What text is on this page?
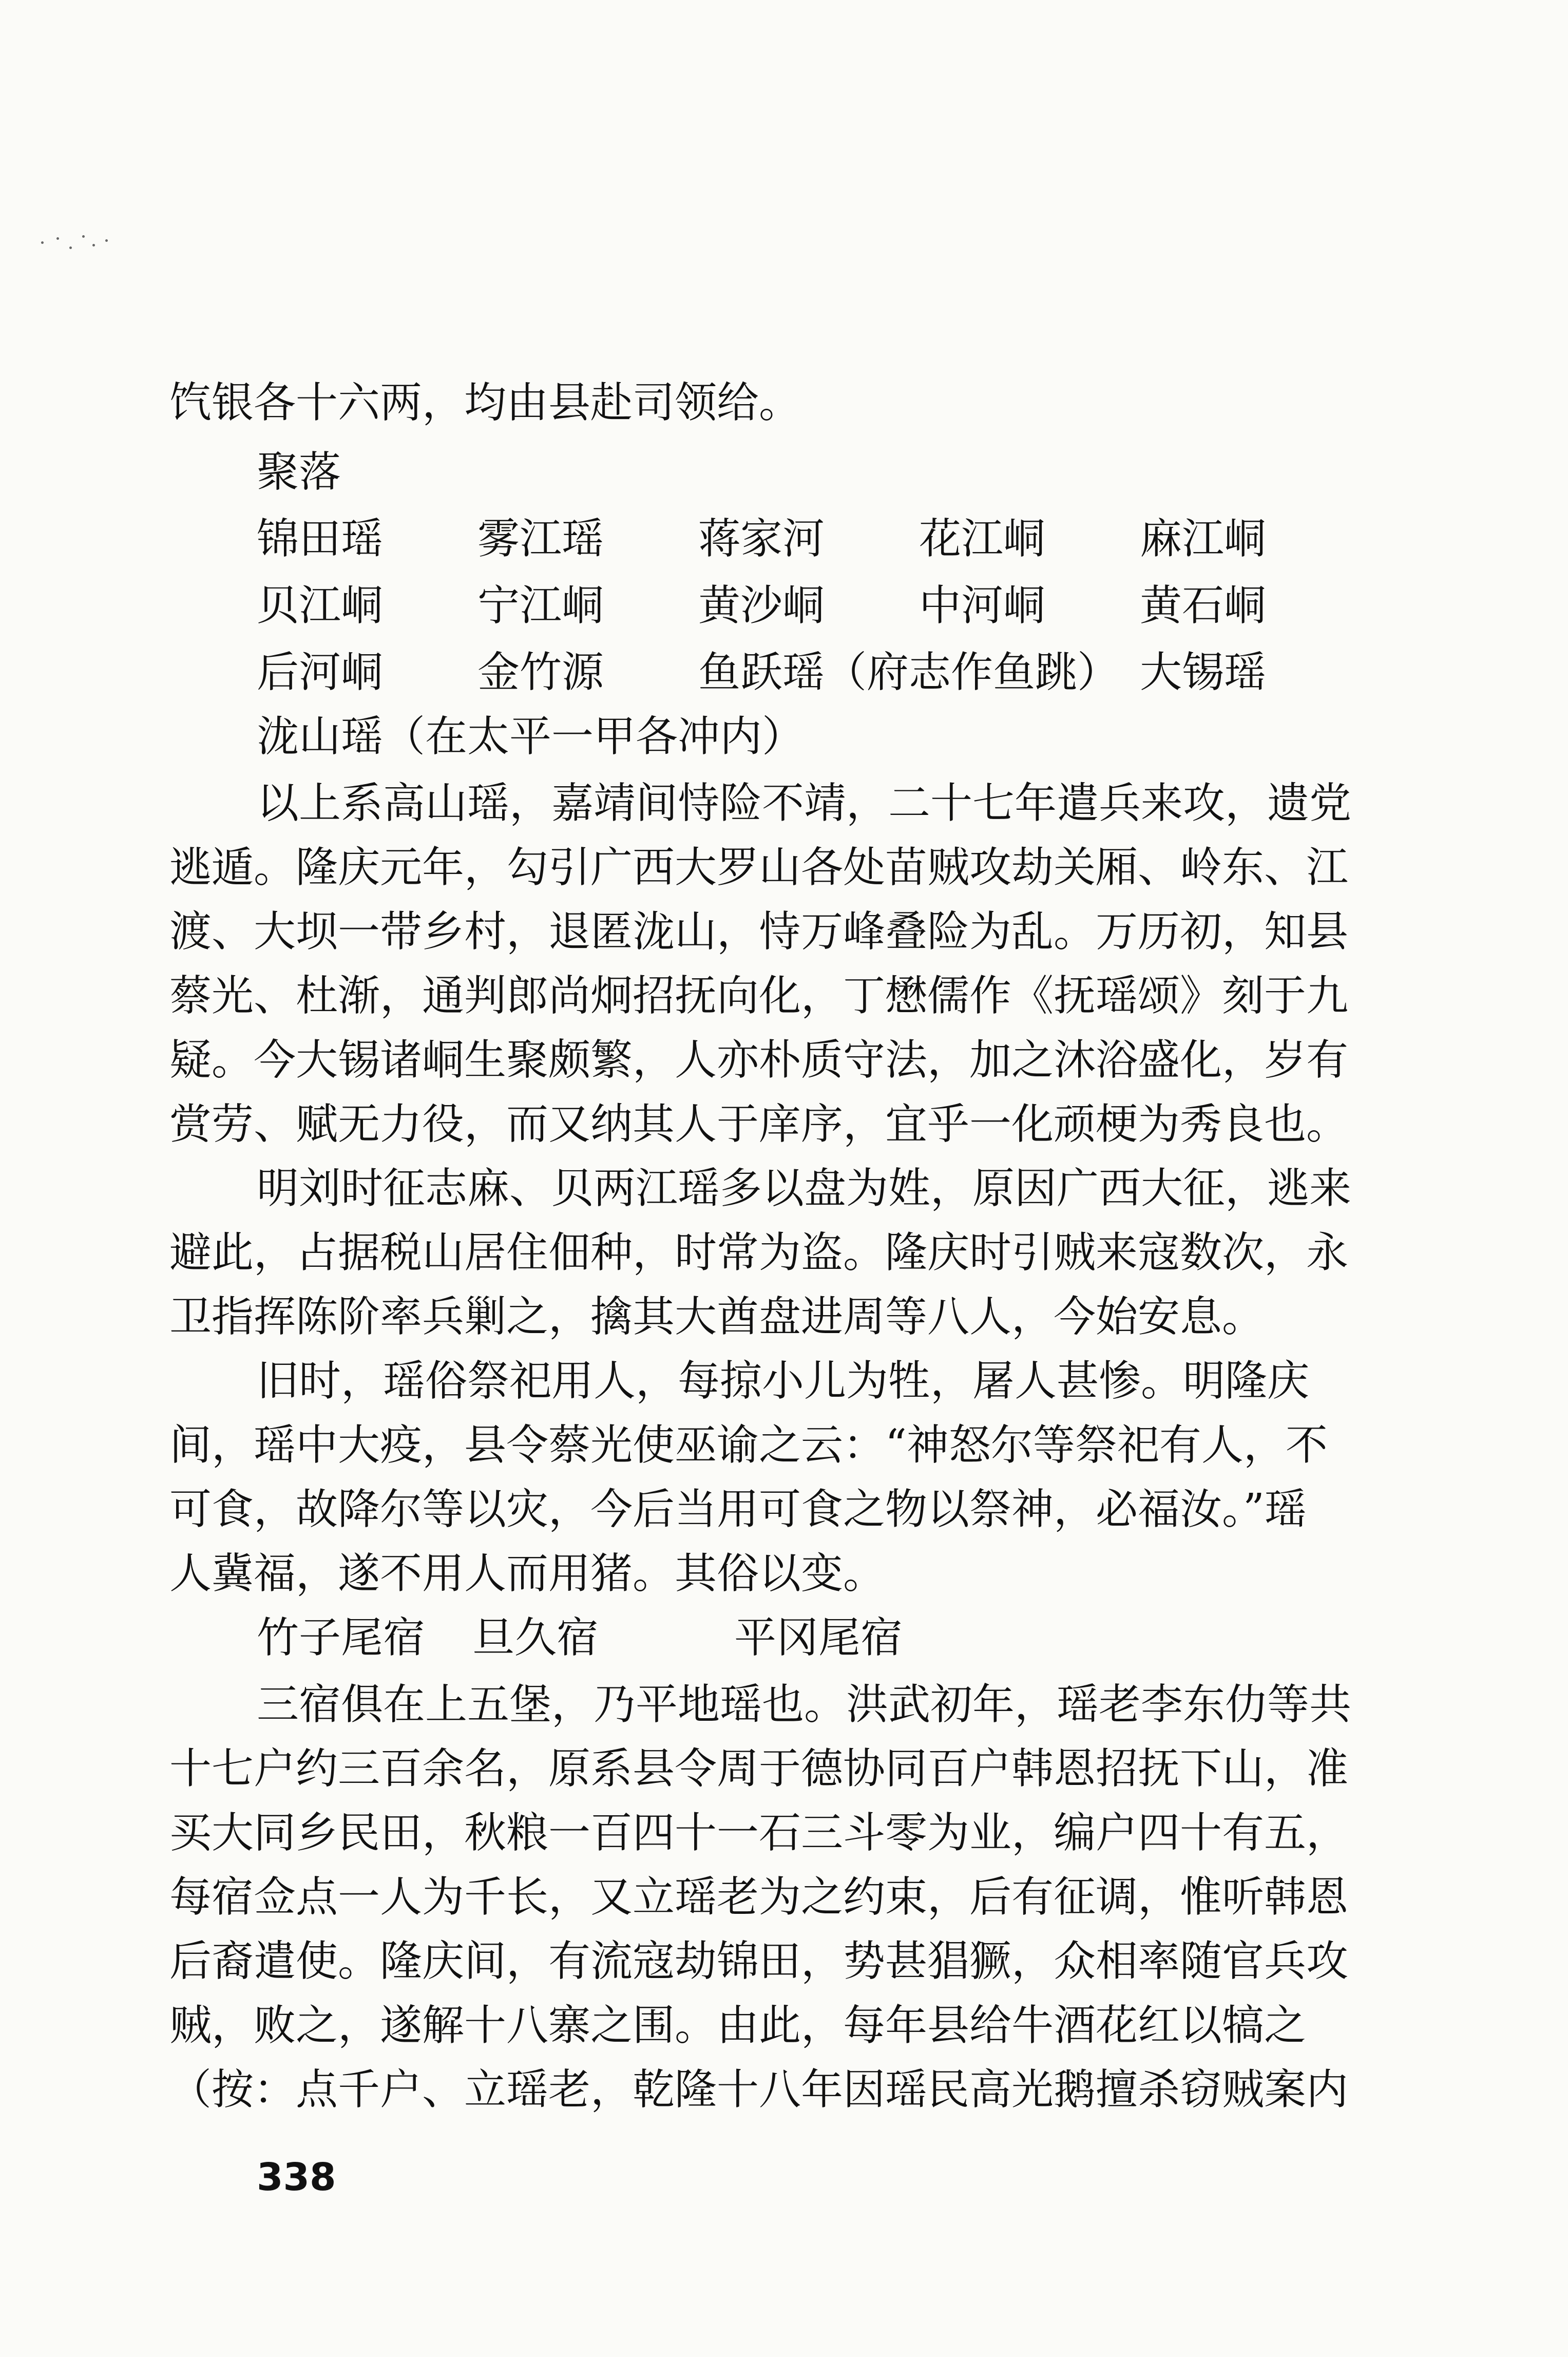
饩银各十六两，均由县赴司领给。
聚落
锦田瑶 雾江瑶 蒋家河 花江峒 麻江峒
贝江峒 宁江峒 黄沙峒 中河峒 黄石峒
后河峒 金竹源 鱼跃瑶（府志作鱼跳） 大锡瑶
泷山瑶（在太平一甲各冲内）
以上系高山瑶，嘉靖间恃险不靖，二十七年遣兵来攻，遗党
逃遁。隆庆元年，勾引广西大罗山各处苗贼攻劫关厢、岭东、江
渡、大坝一带乡村，退匿泷山，恃万峰叠险为乱。万历初，知县
蔡光、杜渐，通判郎尚炯招抚向化，丁懋儒作《抚瑶颂》刻于九
疑。今大锡诸峒生聚颇繁，人亦朴质守法，加之沐浴盛化，岁有
赏劳、赋无力役，而又纳其人于庠序，宜乎一化顽梗为秀良也。
明刘时征志麻、贝两江瑶多以盘为姓，原因广西大征，逃来
避此，占据税山居住佃种，时常为盗。隆庆时引贼来寇数次，永
卫指挥陈阶率兵剿之，擒其大酋盘进周等八人，今始安息。
旧时，瑶俗祭祀用人，每掠小儿为牲，屠人甚惨。明隆庆
间，瑶中大疫，县令蔡光使巫谕之云：“神怒尔等祭祀有人，不
可食，故降尔等以灾，今后当用可食之物以祭神，必福汝。”瑶
人冀福，遂不用人而用猪。其俗以变。
竹子尾宿 旦久宿	平冈尾宿
三宿俱在上五堡，乃平地瑶也。洪武初年，瑶老李东仂等共
十七户约三百余名，原系县令周于德协同百户韩恩招抚下山，准
买大同乡民田，秋粮一百四十一石三斗零为业，编户四十有五，
每宿佥点一人为千长，又立瑶老为之约束，后有征调，惟听韩恩
后裔遣使。隆庆间，有流寇劫锦田，势甚猖獗，众相率随官兵攻
贼，败之，遂解十八寨之围。由此，每年县给牛酒花红以犒之
（按：点千户、立瑶老，乾隆十八年因瑶民高光鹅擅杀窃贼案内
338
